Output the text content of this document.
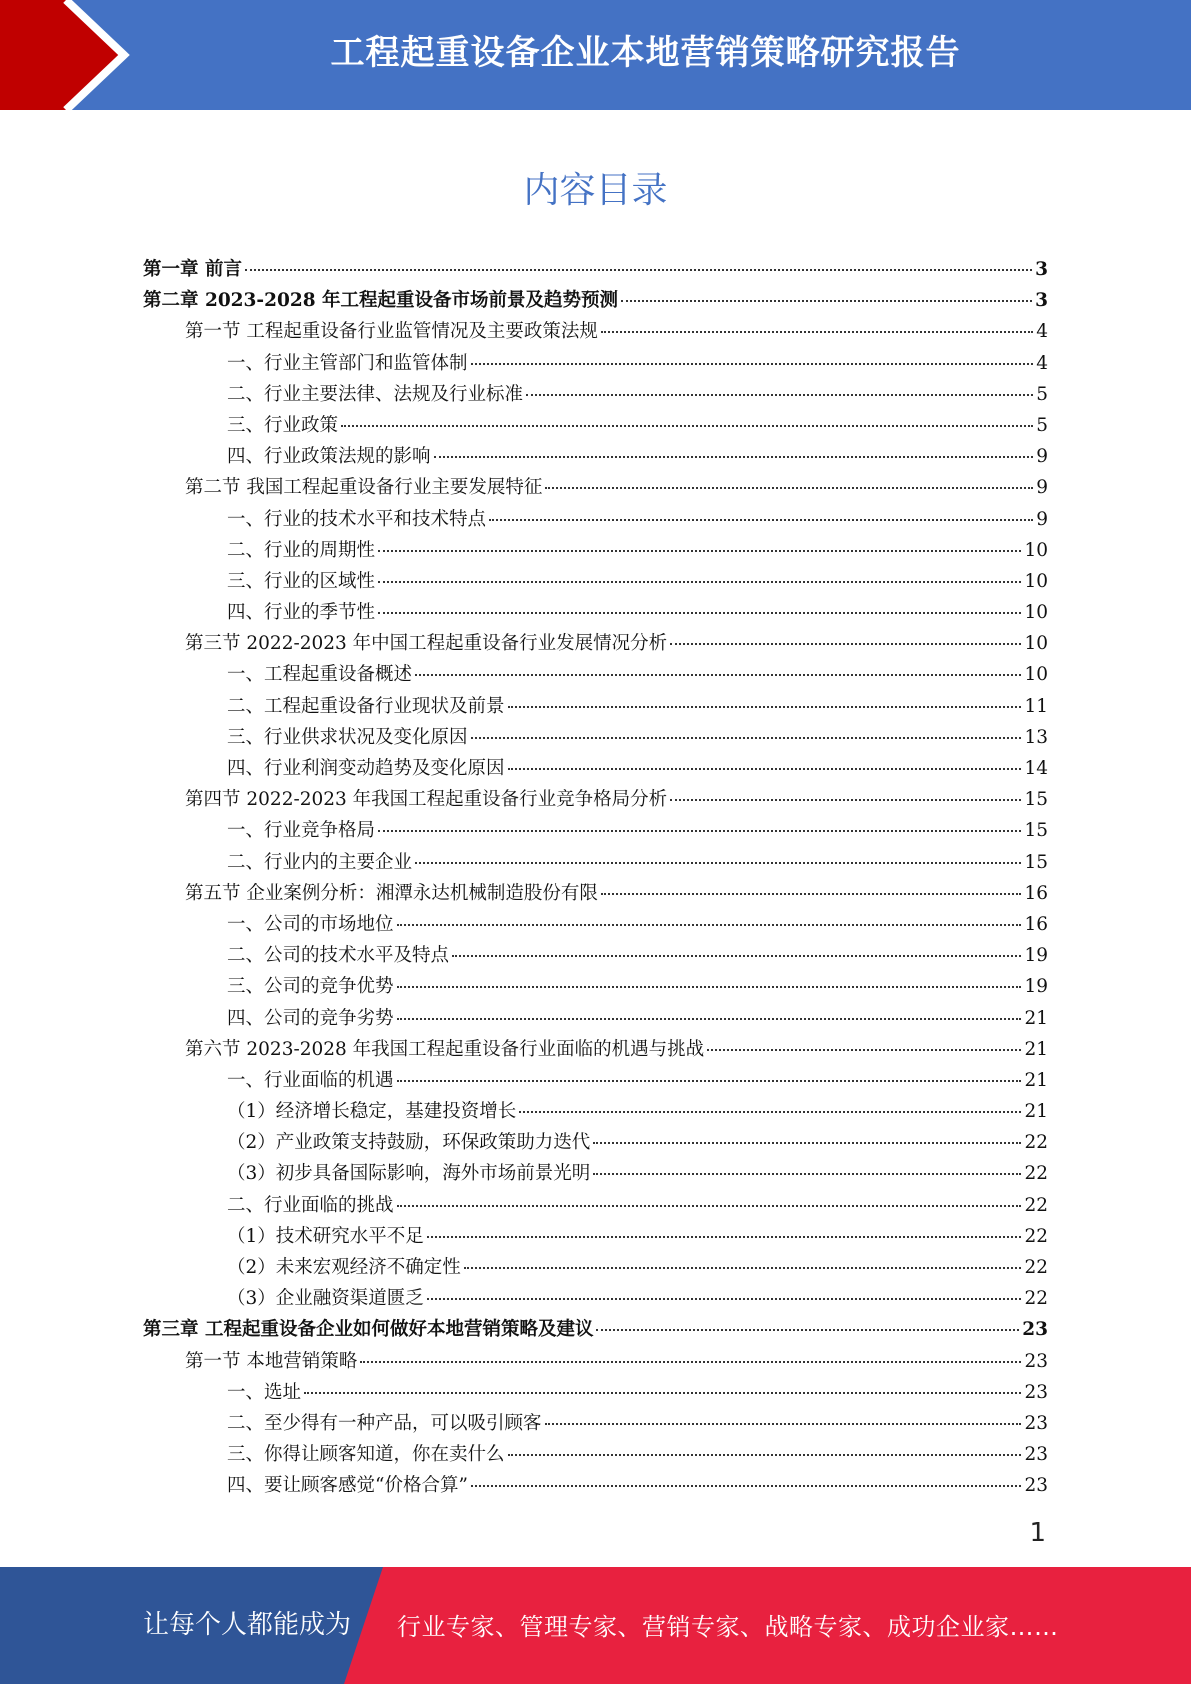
工程起重设备企业本地营销策略研究报告
内容目录
第一章 前言	3
第二章 2023-2028 年工程起重设备市场前景及趋势预测	3
第一节 工程起重设备行业监管情况及主要政策法规	4
一、行业主管部门和监管体制	4
二、行业主要法律、法规及行业标准	5
三、行业政策	5
四、行业政策法规的影响	9
第二节 我国工程起重设备行业主要发展特征	9
一、行业的技术水平和技术特点	9
二、行业的周期性	10
三、行业的区域性	10
四、行业的季节性	10
第三节 2022-2023 年中国工程起重设备行业发展情况分析	10
一、工程起重设备概述	10
二、工程起重设备行业现状及前景	11
三、行业供求状况及变化原因	13
四、行业利润变动趋势及变化原因	14
第四节 2022-2023 年我国工程起重设备行业竞争格局分析	15
一、行业竞争格局	15
二、行业内的主要企业	15
第五节 企业案例分析：湘潭永达机械制造股份有限	16
一、公司的市场地位	16
二、公司的技术水平及特点	19
三、公司的竞争优势	19
四、公司的竞争劣势	21
第六节 2023-2028 年我国工程起重设备行业面临的机遇与挑战	21
一、行业面临的机遇	21
（1）经济增长稳定，基建投资增长	21
（2）产业政策支持鼓励，环保政策助力迭代	22
（3）初步具备国际影响，海外市场前景光明	22
二、行业面临的挑战	22
（1）技术研究水平不足	22
（2）未来宏观经济不确定性	22
（3）企业融资渠道匮乏	22
第三章 工程起重设备企业如何做好本地营销策略及建议	23
第一节 本地营销策略	23
一、选址	23
二、至少得有一种产品，可以吸引顾客	23
三、你得让顾客知道，你在卖什么	23
四、要让顾客感觉“价格合算”	23
1
让每个人都能成为 行业专家、管理专家、营销专家、战略专家、成功企业家……
